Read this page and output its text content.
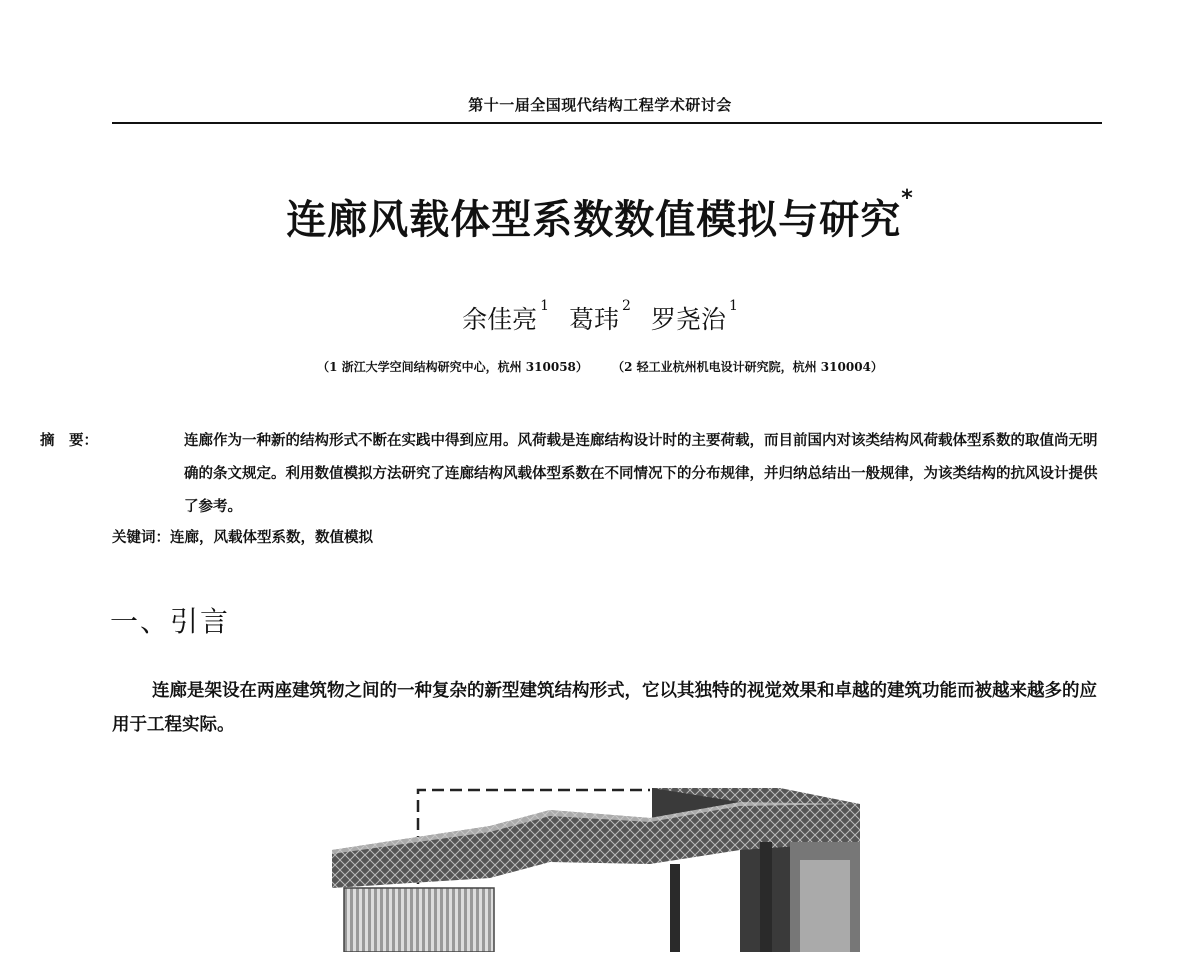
第十一届全国现代结构工程学术研讨会
连廊风载体型系数数值模拟与研究*
余佳亮 $^1$ 葛玮 $^2$ 罗尧治 $^1$
（1 浙江大学空间结构研究中心，杭州 310058） （2 轻工业杭州机电设计研究院，杭州 310004）
摘　要：	连廊作为一种新的结构形式不断在实践中得到应用。风荷载是连廊结构设计时的主要荷载，而目前国内对该类结构风荷载体型系数的取值尚无明确的条文规定。利用数值模拟方法研究了连廊结构风载体型系数在不同情况下的分布规律，并归纳总结出一般规律，为该类结构的抗风设计提供了参考。
关键词：连廊，风载体型系数，数值模拟
一、引言
连廊是架设在两座建筑物之间的一种复杂的新型建筑结构形式，它以其独特的视觉效果和卓越的建筑功能而被越来越多的应用于工程实际。
